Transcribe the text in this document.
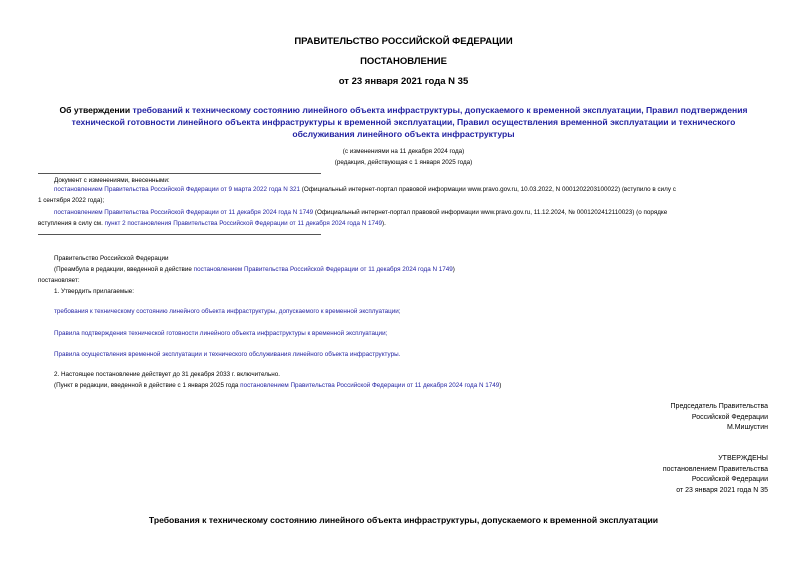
ПРАВИТЕЛЬСТВО РОССИЙСКОЙ ФЕДЕРАЦИИ
ПОСТАНОВЛЕНИЕ
от 23 января 2021 года N 35
Об утверждении требований к техническому состоянию линейного объекта инфраструктуры, допускаемого к временной эксплуатации, Правил подтверждения
технической готовности линейного объекта инфраструктуры к временной эксплуатации, Правил осуществления временной эксплуатации и технического
обслуживания линейного объекта инфраструктуры
(с изменениями на 11 декабря 2024 года)
(редакция, действующая с 1 января 2025 года)
Документ с изменениями, внесенными:
постановлением Правительства Российской Федерации от 9 марта 2022 года N 321 (Официальный интернет-портал правовой информации www.pravo.gov.ru, 10.03.2022, N 0001202203100022) (вступило в силу с
1 сентября 2022 года);
постановлением Правительства Российской Федерации от 11 декабря 2024 года N 1749 (Официальный интернет-портал правовой информации www.pravo.gov.ru, 11.12.2024, № 0001202412110023) (о порядке
вступления в силу см. пункт 2 постановления Правительства Российской Федерации от 11 декабря 2024 года N 1749).
Правительство Российской Федерации
(Преамбула в редакции, введенной в действие постановлением Правительства Российской Федерации от 11 декабря 2024 года N 1749)
постановляет:
1. Утвердить прилагаемые:
требования к техническому состоянию линейного объекта инфраструктуры, допускаемого к временной эксплуатации;
Правила подтверждения технической готовности линейного объекта инфраструктуры к временной эксплуатации;
Правила осуществления временной эксплуатации и технического обслуживания линейного объекта инфраструктуры.
2. Настоящее постановление действует до 31 декабря 2033 г. включительно.
(Пункт в редакции, введенной в действие с 1 января 2025 года постановлением Правительства Российской Федерации от 11 декабря 2024 года N 1749)
Председатель Правительства
Российской Федерации
М.Мишустин
УТВЕРЖДЕНЫ
постановлением Правительства
Российской Федерации
от 23 января 2021 года N 35
Требования к техническому состоянию линейного объекта инфраструктуры, допускаемого к временной эксплуатации
